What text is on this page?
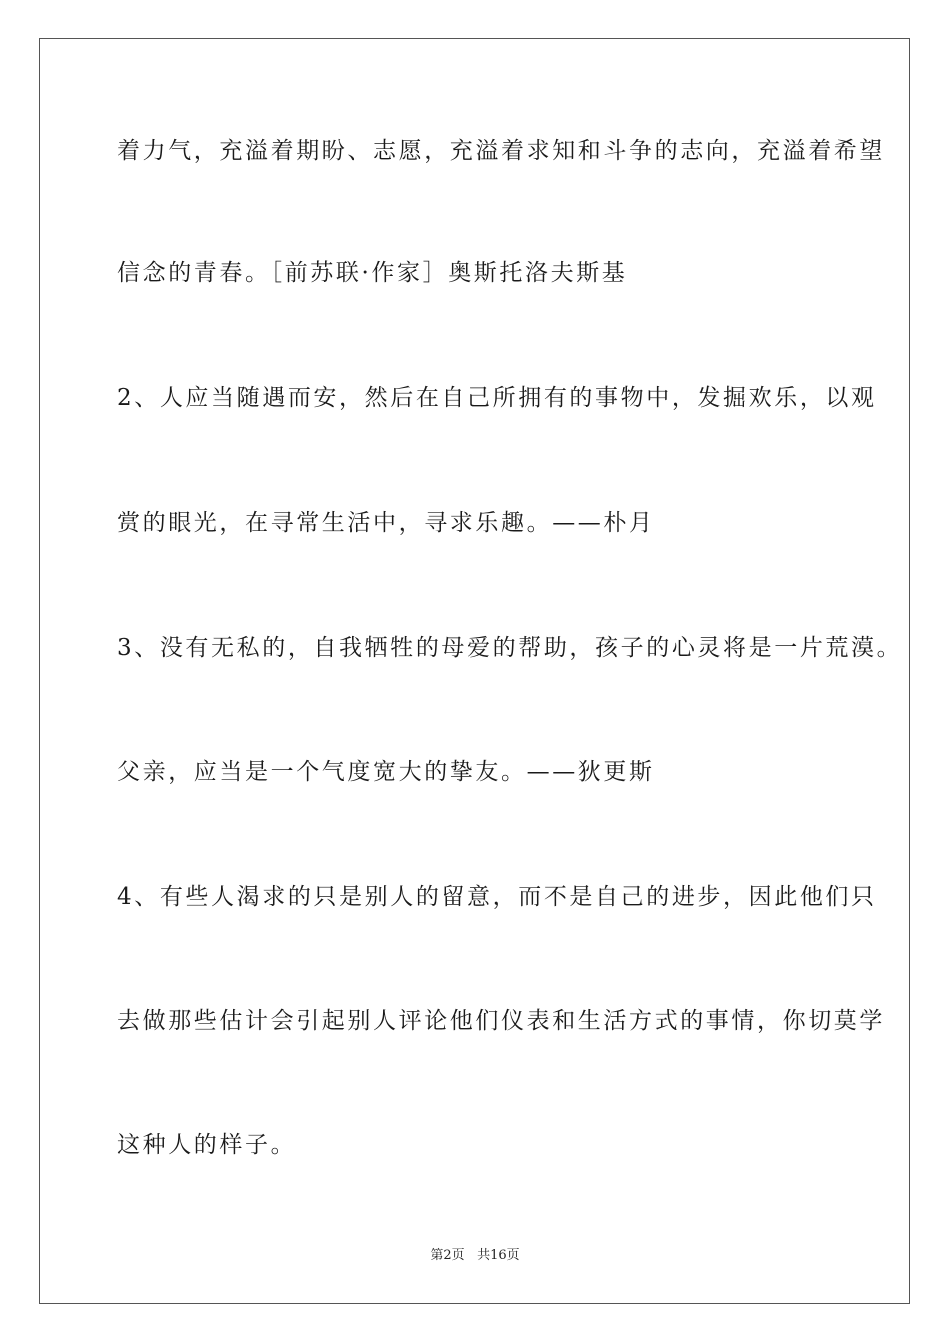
着力气，充溢着期盼、志愿，充溢着求知和斗争的志向，充溢着希望
信念的青春。［前苏联·作家］奥斯托洛夫斯基
2、人应当随遇而安，然后在自己所拥有的事物中，发掘欢乐，以观
赏的眼光，在寻常生活中，寻求乐趣。——朴月
3、没有无私的，自我牺牲的母爱的帮助，孩子的心灵将是一片荒漠。
父亲，应当是一个气度宽大的挚友。——狄更斯
4、有些人渴求的只是别人的留意，而不是自己的进步，因此他们只
去做那些估计会引起别人评论他们仪表和生活方式的事情，你切莫学
这种人的样子。
第2页 共16页
